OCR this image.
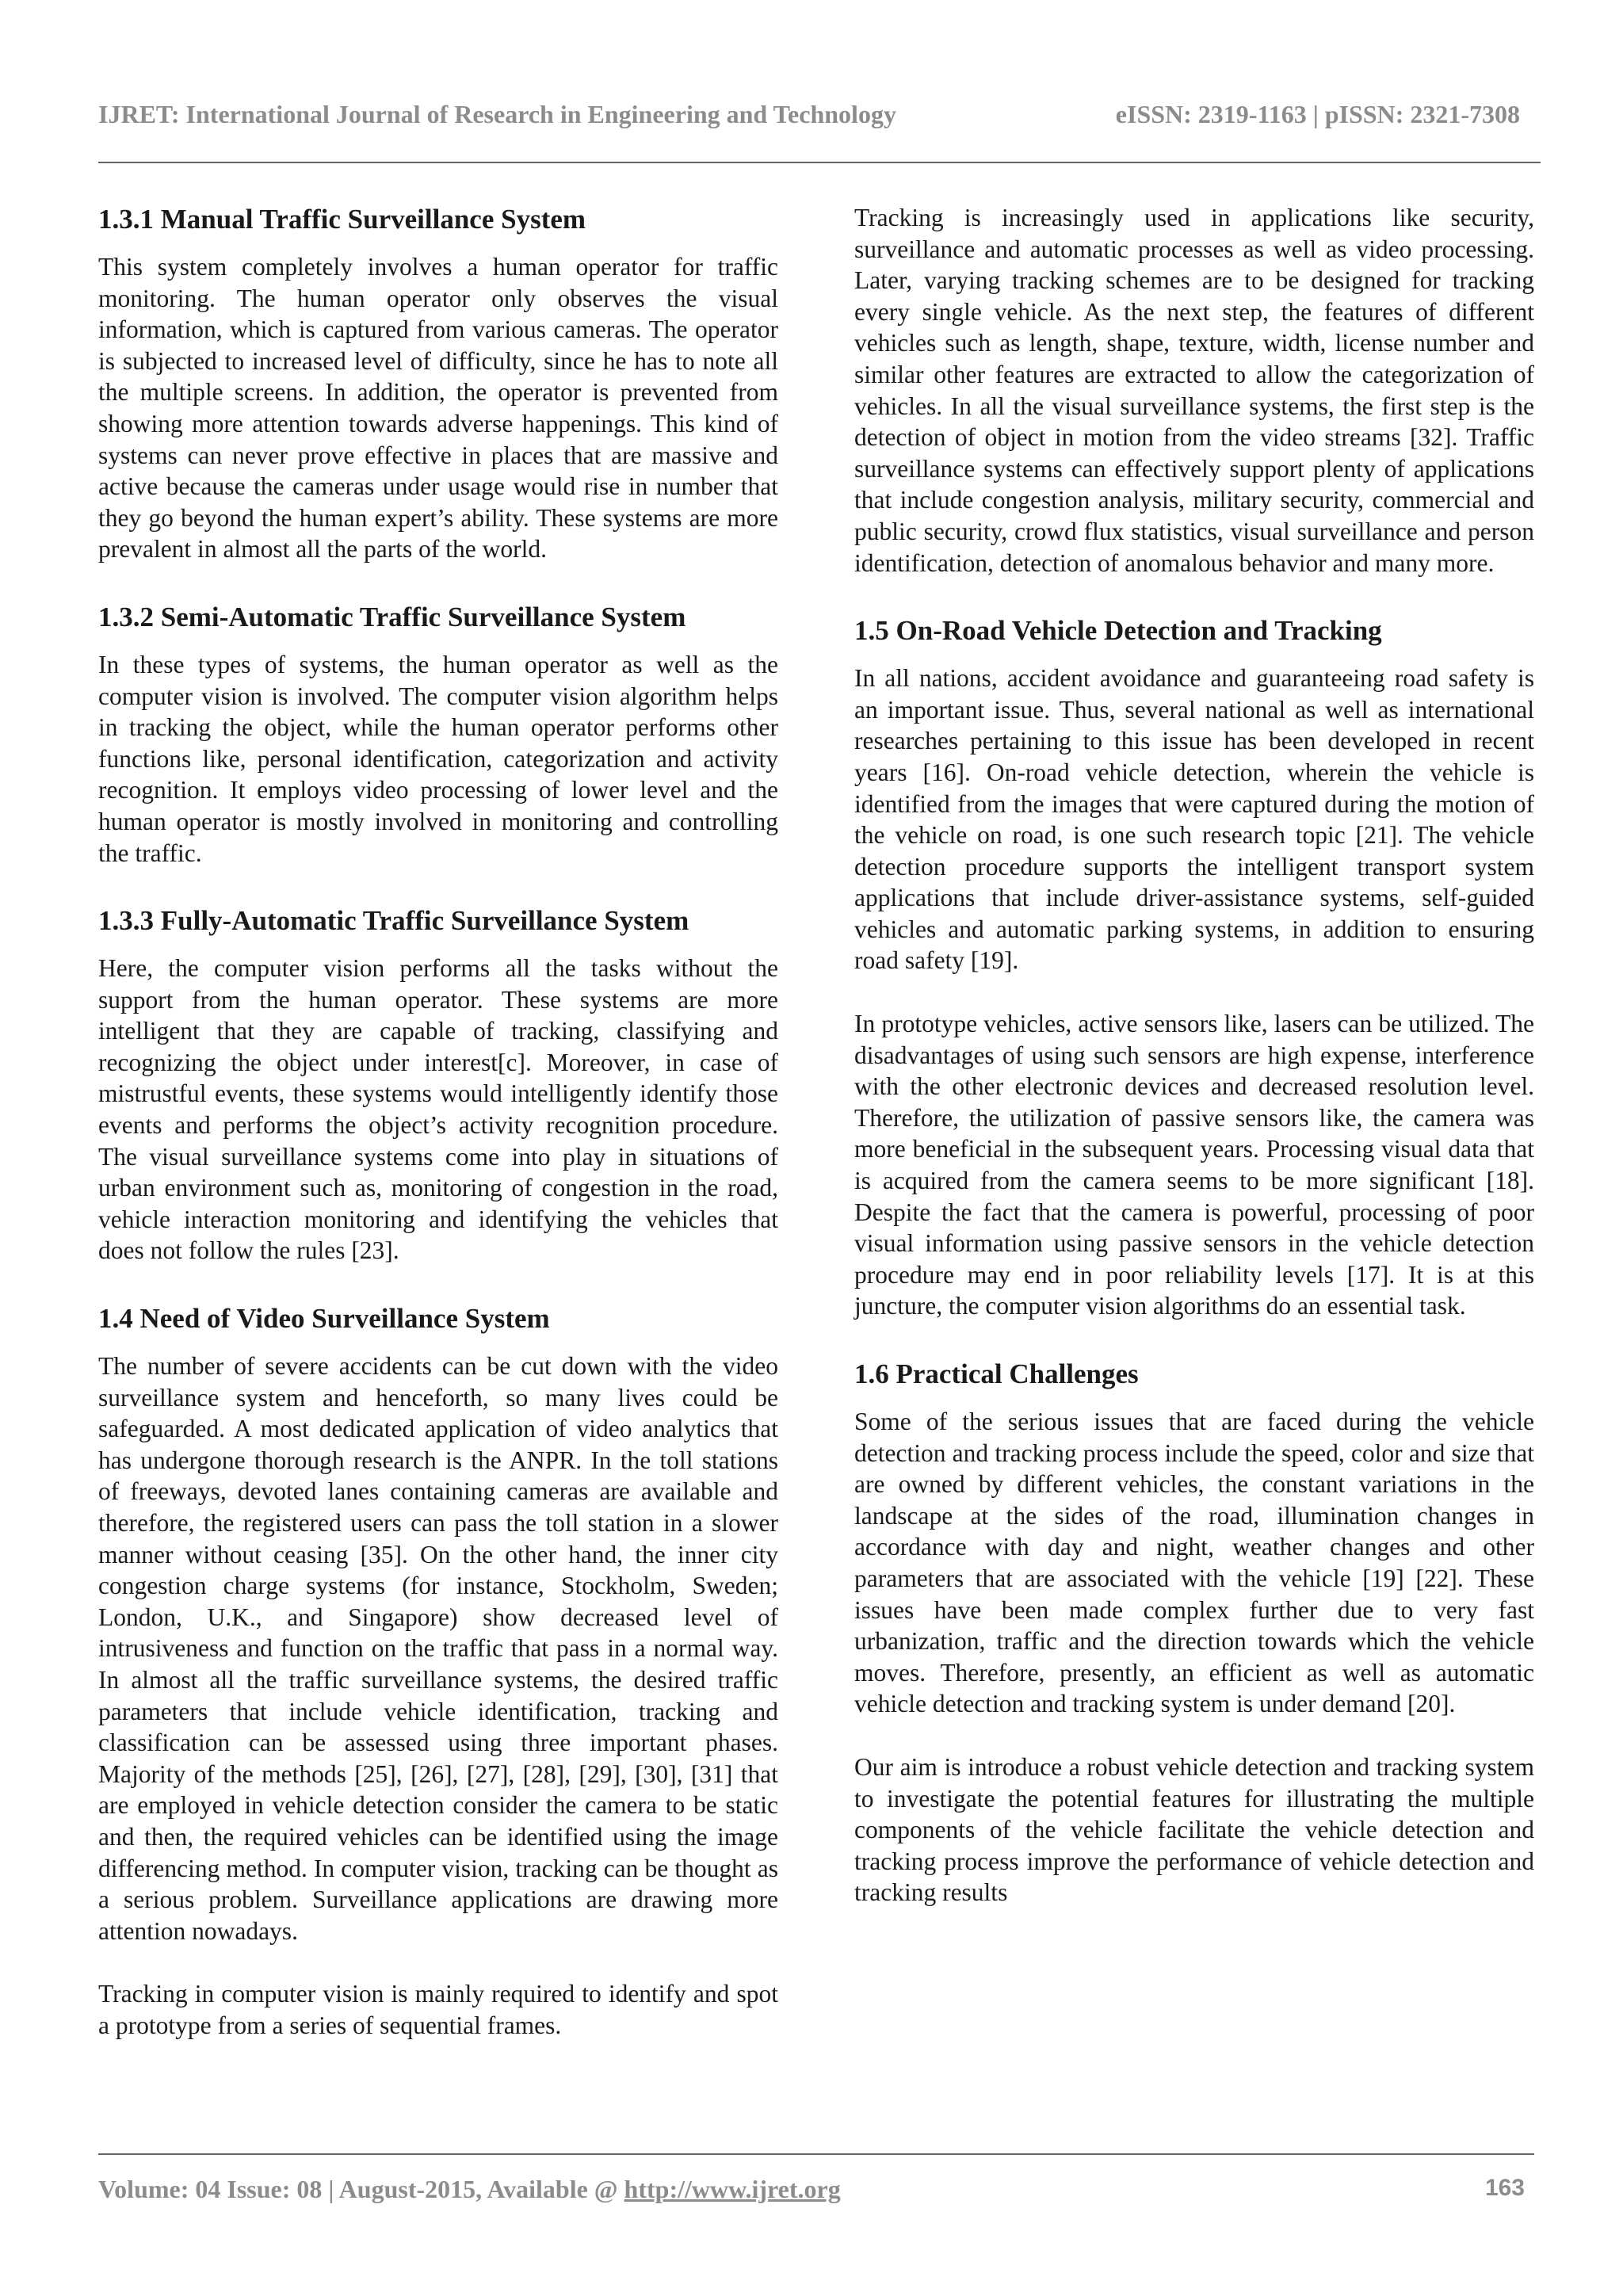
IJRET: International Journal of Research in Engineering and Technology	eISSN: 2319-1163 | pISSN: 2321-7308
1.3.1 Manual Traffic Surveillance System

This system completely involves a human operator for traffic monitoring. The human operator only observes the visual information, which is captured from various cameras. The operator is subjected to increased level of difficulty, since he has to note all the multiple screens. In addition, the operator is prevented from showing more attention towards adverse happenings. This kind of systems can never prove effective in places that are massive and active because the cameras under usage would rise in number that they go beyond the human expert’s ability. These systems are more prevalent in almost all the parts of the world.

1.3.2 Semi-Automatic Traffic Surveillance System

In these types of systems, the human operator as well as the computer vision is involved. The computer vision algorithm helps in tracking the object, while the human operator performs other functions like, personal identification, categorization and activity recognition. It employs video processing of lower level and the human operator is mostly involved in monitoring and controlling the traffic.

1.3.3 Fully-Automatic Traffic Surveillance System

Here, the computer vision performs all the tasks without the support from the human operator. These systems are more intelligent that they are capable of tracking, classifying and recognizing the object under interest[c]. Moreover, in case of mistrustful events, these systems would intelligently identify those events and performs the object’s activity recognition procedure. The visual surveillance systems come into play in situations of urban environment such as, monitoring of congestion in the road, vehicle interaction monitoring and identifying the vehicles that does not follow the rules [23].

1.4 Need of Video Surveillance System

The number of severe accidents can be cut down with the video surveillance system and henceforth, so many lives could be safeguarded. A most dedicated application of video analytics that has undergone thorough research is the ANPR. In the toll stations of freeways, devoted lanes containing cameras are available and therefore, the registered users can pass the toll station in a slower manner without ceasing [35]. On the other hand, the inner city congestion charge systems (for instance, Stockholm, Sweden; London, U.K., and Singapore) show decreased level of intrusiveness and function on the traffic that pass in a normal way. In almost all the traffic surveillance systems, the desired traffic parameters that include vehicle identification, tracking and classification can be assessed using three important phases. Majority of the methods [25], [26], [27], [28], [29], [30], [31] that are employed in vehicle detection consider the camera to be static and then, the required vehicles can be identified using the image differencing method. In computer vision, tracking can be thought as a serious problem. Surveillance applications are drawing more attention nowadays.

Tracking in computer vision is mainly required to identify and spot a prototype from a series of sequential frames.

Tracking is increasingly used in applications like security, surveillance and automatic processes as well as video processing. Later, varying tracking schemes are to be designed for tracking every single vehicle. As the next step, the features of different vehicles such as length, shape, texture, width, license number and similar other features are extracted to allow the categorization of vehicles. In all the visual surveillance systems, the first step is the detection of object in motion from the video streams [32]. Traffic surveillance systems can effectively support plenty of applications that include congestion analysis, military security, commercial and public security, crowd flux statistics, visual surveillance and person identification, detection of anomalous behavior and many more.

1.5 On-Road Vehicle Detection and Tracking

In all nations, accident avoidance and guaranteeing road safety is an important issue. Thus, several national as well as international researches pertaining to this issue has been developed in recent years [16]. On-road vehicle detection, wherein the vehicle is identified from the images that were captured during the motion of the vehicle on road, is one such research topic [21]. The vehicle detection procedure supports the intelligent transport system applications that include driver-assistance systems, self-guided vehicles and automatic parking systems, in addition to ensuring road safety [19].

In prototype vehicles, active sensors like, lasers can be utilized. The disadvantages of using such sensors are high expense, interference with the other electronic devices and decreased resolution level. Therefore, the utilization of passive sensors like, the camera was more beneficial in the subsequent years. Processing visual data that is acquired from the camera seems to be more significant [18]. Despite the fact that the camera is powerful, processing of poor visual information using passive sensors in the vehicle detection procedure may end in poor reliability levels [17]. It is at this juncture, the computer vision algorithms do an essential task.

1.6 Practical Challenges

Some of the serious issues that are faced during the vehicle detection and tracking process include the speed, color and size that are owned by different vehicles, the constant variations in the landscape at the sides of the road, illumination changes in accordance with day and night, weather changes and other parameters that are associated with the vehicle [19] [22]. These issues have been made complex further due to very fast urbanization, traffic and the direction towards which the vehicle moves. Therefore, presently, an efficient as well as automatic vehicle detection and tracking system is under demand [20].

Our aim is introduce a robust vehicle detection and tracking system to investigate the potential features for illustrating the multiple components of the vehicle facilitate the vehicle detection and tracking process improve the performance of vehicle detection and tracking results

Volume: 04 Issue: 08 | August-2015, Available @ http://www.ijret.org	163
